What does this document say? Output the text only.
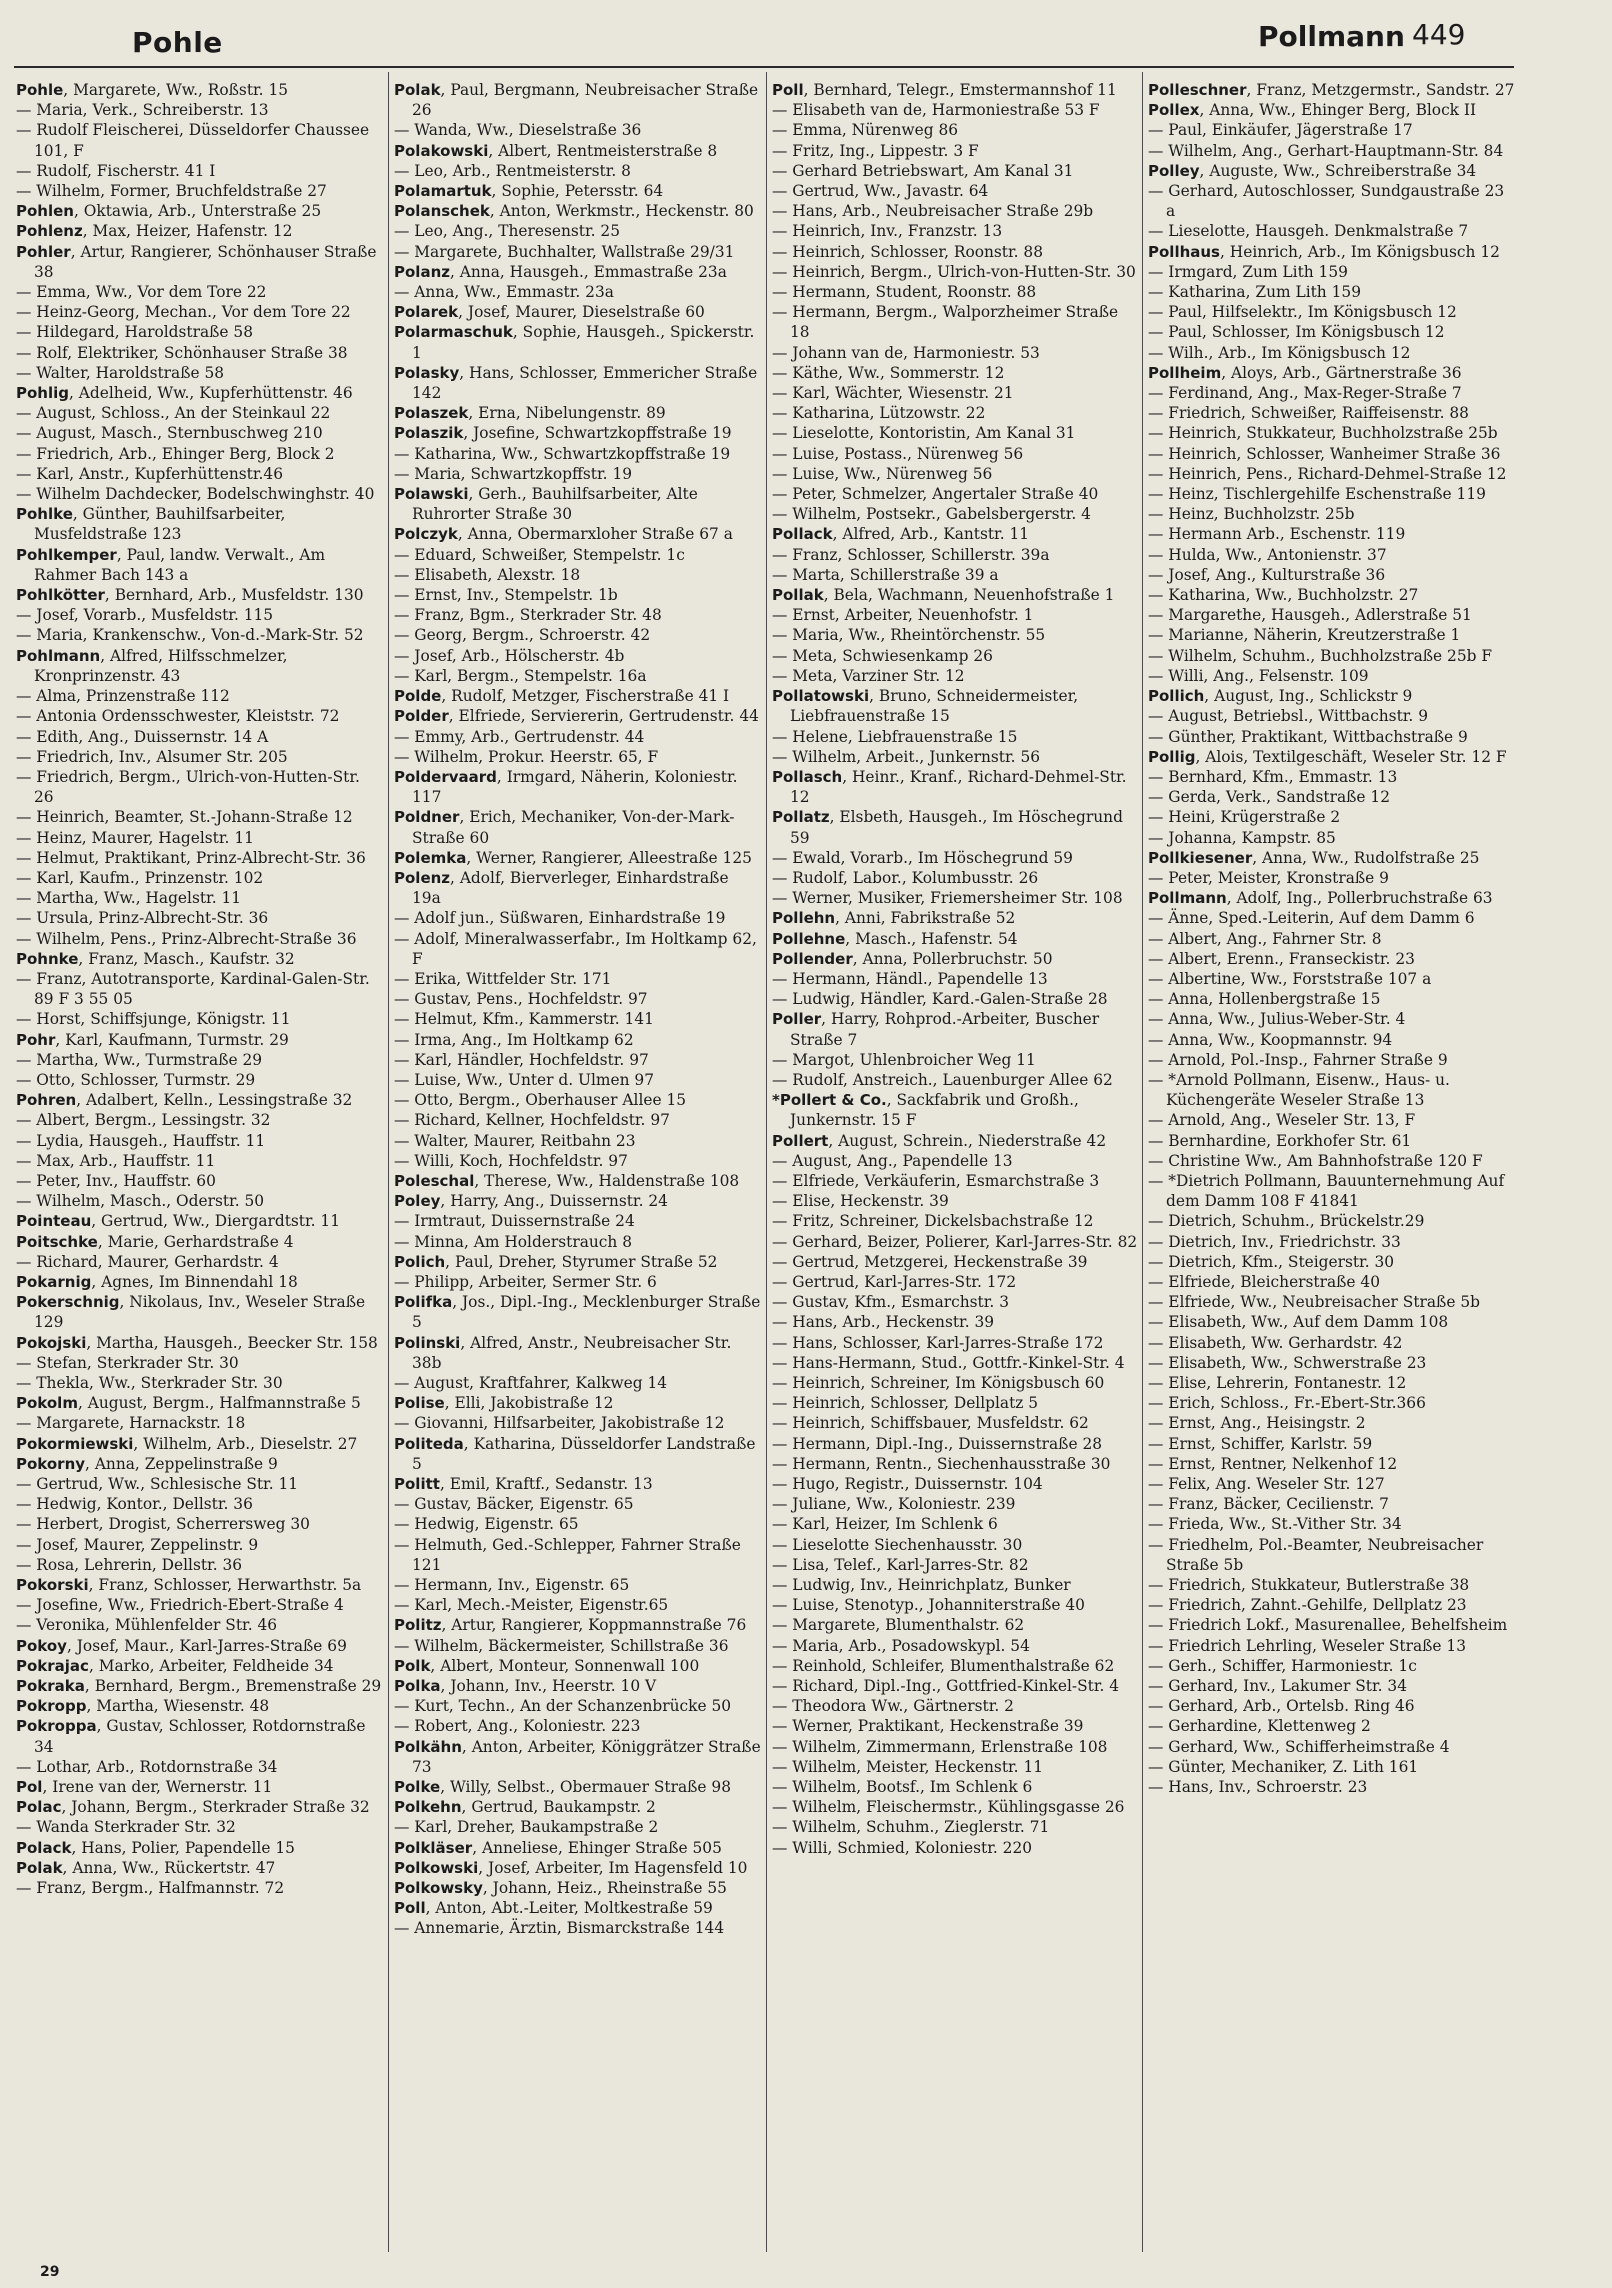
Pohle	Pollmann 449
Pohle, Margarete, Ww., Roßstr. 15
— Maria, Verk., Schreiberstr. 13
— Rudolf Fleischerei, Düsseldorfer Chaussee 101, F
— Rudolf, Fischerstr. 41 I
— Wilhelm, Former, Bruchfeldstraße 27
Pohlen, Oktawia, Arb., Unterstraße 25
Pohlenz, Max, Heizer, Hafenstr. 12
Pohler, Artur, Rangierer, Schönhauser Straße 38
— Emma, Ww., Vor dem Tore 22
— Heinz-Georg, Mechan., Vor dem Tore 22
— Hildegard, Haroldstraße 58
— Rolf, Elektriker, Schönhauser Straße 38
— Walter, Haroldstraße 58
Pohlig, Adelheid, Ww., Kupferhüttenstr. 46
— August, Schloss., An der Steinkaul 22
— August, Masch., Sternbuschweg 210
— Friedrich, Arb., Ehinger Berg, Block 2
— Karl, Anstr., Kupferhüttenstr.46
— Wilhelm Dachdecker, Bodelschwinghstr. 40
Pohlke, Günther, Bauhilfsarbeiter, Musfeldstraße 123
Pohlkemper, Paul, landw. Verwalt., Am Rahmer Bach 143 a
Pohlkötter, Bernhard, Arb., Musfeldstr. 130
— Josef, Vorarb., Musfeldstr. 115
— Maria, Krankenschw., Von-d.-Mark-Str. 52
Pohlmann, Alfred, Hilfsschmelzer, Kronprinzenstr. 43
— Alma, Prinzenstraße 112
— Antonia Ordensschwester, Kleiststr. 72
— Edith, Ang., Duissernstr. 14 A
— Friedrich, Inv., Alsumer Str. 205
— Friedrich, Bergm., Ulrich-von-Hutten-Str. 26
— Heinrich, Beamter, St.-Johann-Straße 12
— Heinz, Maurer, Hagelstr. 11
— Helmut, Praktikant, Prinz-Albrecht-Str. 36
— Karl, Kaufm., Prinzenstr. 102
— Martha, Ww., Hagelstr. 11
— Ursula, Prinz-Albrecht-Str. 36
— Wilhelm, Pens., Prinz-Albrecht-Straße 36
Pohnke, Franz, Masch., Kaufstr. 32
— Franz, Autotransporte, Kardinal-Galen-Str. 89 F 3 55 05
— Horst, Schiffsjunge, Königstr. 11
Pohr, Karl, Kaufmann, Turmstr. 29
— Martha, Ww., Turmstraße 29
— Otto, Schlosser, Turmstr. 29
Pohren, Adalbert, Kelln., Lessingstraße 32
— Albert, Bergm., Lessingstr. 32
— Lydia, Hausgeh., Hauffstr. 11
— Max, Arb., Hauffstr. 11
— Peter, Inv., Hauffstr. 60
— Wilhelm, Masch., Oderstr. 50
Pointeau, Gertrud, Ww., Diergardtstr. 11
Poitschke, Marie, Gerhardstraße 4
— Richard, Maurer, Gerhardstr. 4
Pokarnig, Agnes, Im Binnendahl 18
Pokerschnig, Nikolaus, Inv., Weseler Straße 129
Pokojski, Martha, Hausgeh., Beecker Str. 158
— Stefan, Sterkrader Str. 30
— Thekla, Ww., Sterkrader Str. 30
Pokolm, August, Bergm., Halfmannstraße 5
— Margarete, Harnackstr. 18
Pokormiewski, Wilhelm, Arb., Dieselstr. 27
Pokorny, Anna, Zeppelinstraße 9
— Gertrud, Ww., Schlesische Str. 11
— Hedwig, Kontor., Dellstr. 36
— Herbert, Drogist, Scherrersweg 30
— Josef, Maurer, Zeppelinstr. 9
— Rosa, Lehrerin, Dellstr. 36
Pokorski, Franz, Schlosser, Herwarthstr. 5a
— Josefine, Ww., Friedrich-Ebert-Straße 4
— Veronika, Mühlenfelder Str. 46
Pokoy, Josef, Maur., Karl-Jarres-Straße 69
Pokrajac, Marko, Arbeiter, Feldheide 34
Pokraka, Bernhard, Bergm., Bremenstraße 29
Pokropp, Martha, Wiesenstr. 48
Pokroppa, Gustav, Schlosser, Rotdornstraße 34
— Lothar, Arb., Rotdornstraße 34
Pol, Irene van der, Wernerstr. 11
Polac, Johann, Bergm., Sterkrader Straße 32
— Wanda Sterkrader Str. 32
Polack, Hans, Polier, Papendelle 15
Polak, Anna, Ww., Rückertstr. 47
— Franz, Bergm., Halfmannstr. 72
Polak, Paul, Bergmann, Neubreisacher Straße 26
— Wanda, Ww., Dieselstraße 36
Polakowski, Albert, Rentmeisterstraße 8
— Leo, Arb., Rentmeisterstr. 8
Polamartuk, Sophie, Petersstr. 64
Polanschek, Anton, Werkmstr., Heckenstr. 80
— Leo, Ang., Theresenstr. 25
— Margarete, Buchhalter, Wallstraße 29/31
Polanz, Anna, Hausgeh., Emmastraße 23a
— Anna, Ww., Emmastr. 23a
Polarek, Josef, Maurer, Dieselstraße 60
Polarmaschuk, Sophie, Hausgeh., Spickerstr. 1
Polasky, Hans, Schlosser, Emmericher Straße 142
Polaszek, Erna, Nibelungenstr. 89
Polaszik, Josefine, Schwartzkopffstraße 19
— Katharina, Ww., Schwartzkopffstraße 19
— Maria, Schwartzkopffstr. 19
Polawski, Gerh., Bauhilfsarbeiter, Alte Ruhrorter Straße 30
Polczyk, Anna, Obermarxloher Straße 67 a
— Eduard, Schweißer, Stempelstr. 1c
— Elisabeth, Alexstr. 18
— Ernst, Inv., Stempelstr. 1b
— Franz, Bgm., Sterkrader Str. 48
— Georg, Bergm., Schroerstr. 42
— Josef, Arb., Hölscherstr. 4b
— Karl, Bergm., Stempelstr. 16a
Polde, Rudolf, Metzger, Fischerstraße 41 I
Polder, Elfriede, Serviererin, Gertrudenstr. 44
— Emmy, Arb., Gertrudenstr. 44
— Wilhelm, Prokur. Heerstr. 65, F
Poldervaard, Irmgard, Näherin, Koloniestr. 117
Poldner, Erich, Mechaniker, Von-der-Mark-Straße 60
Polemka, Werner, Rangierer, Alleestraße 125
Polenz, Adolf, Bierverleger, Einhardstraße 19a
— Adolf jun., Süßwaren, Einhardstraße 19
— Adolf, Mineralwasserfabr., Im Holtkamp 62, F
— Erika, Wittfelder Str. 171
— Gustav, Pens., Hochfeldstr. 97
— Helmut, Kfm., Kammerstr. 141
— Irma, Ang., Im Holtkamp 62
— Karl, Händler, Hochfeldstr. 97
— Luise, Ww., Unter d. Ulmen 97
— Otto, Bergm., Oberhauser Allee 15
— Richard, Kellner, Hochfeldstr. 97
— Walter, Maurer, Reitbahn 23
— Willi, Koch, Hochfeldstr. 97
Poleschal, Therese, Ww., Haldenstraße 108
Poley, Harry, Ang., Duissernstr. 24
— Irmtraut, Duissernstraße 24
— Minna, Am Holderstrauch 8
Polich, Paul, Dreher, Styrumer Straße 52
— Philipp, Arbeiter, Sermer Str. 6
Polifka, Jos., Dipl.-Ing., Mecklenburger Straße 5
Polinski, Alfred, Anstr., Neubreisacher Str. 38b
— August, Kraftfahrer, Kalkweg 14
Polise, Elli, Jakobistraße 12
— Giovanni, Hilfsarbeiter, Jakobistraße 12
Politeda, Katharina, Düsseldorfer Landstraße 5
Politt, Emil, Kraftf., Sedanstr. 13
— Gustav, Bäcker, Eigenstr. 65
— Hedwig, Eigenstr. 65
— Helmuth, Ged.-Schlepper, Fahrner Straße 121
— Hermann, Inv., Eigenstr. 65
— Karl, Mech.-Meister, Eigenstr.65
Politz, Artur, Rangierer, Koppmannstraße 76
— Wilhelm, Bäckermeister, Schillstraße 36
Polk, Albert, Monteur, Sonnenwall 100
Polka, Johann, Inv., Heerstr. 10 V
— Kurt, Techn., An der Schanzenbrücke 50
— Robert, Ang., Koloniestr. 223
Polkähn, Anton, Arbeiter, Königgrätzer Straße 73
Polke, Willy, Selbst., Obermauer Straße 98
Polkehn, Gertrud, Baukampstr. 2
— Karl, Dreher, Baukampstraße 2
Polkläser, Anneliese, Ehinger Straße 505
Polkowski, Josef, Arbeiter, Im Hagensfeld 10
Polkowsky, Johann, Heiz., Rheinstraße 55
Poll, Anton, Abt.-Leiter, Moltkestraße 59
— Annemarie, Ärztin, Bismarckstraße 144
Poll, Bernhard, Telegr., Emstermannshof 11
— Elisabeth van de, Harmoniestraße 53 F
— Emma, Nürenweg 86
— Fritz, Ing., Lippestr. 3 F
— Gerhard Betriebswart, Am Kanal 31
— Gertrud, Ww., Javastr. 64
— Hans, Arb., Neubreisacher Straße 29b
— Heinrich, Inv., Franzstr. 13
— Heinrich, Schlosser, Roonstr. 88
— Heinrich, Bergm., Ulrich-von-Hutten-Str. 30
— Hermann, Student, Roonstr. 88
— Hermann, Bergm., Walporzheimer Straße 18
— Johann van de, Harmoniestr. 53
— Käthe, Ww., Sommerstr. 12
— Karl, Wächter, Wiesenstr. 21
— Katharina, Lützowstr. 22
— Lieselotte, Kontoristin, Am Kanal 31
— Luise, Postass., Nürenweg 56
— Luise, Ww., Nürenweg 56
— Peter, Schmelzer, Angertaler Straße 40
— Wilhelm, Postsekr., Gabelsbergerstr. 4
Pollack, Alfred, Arb., Kantstr. 11
— Franz, Schlosser, Schillerstr. 39a
— Marta, Schillerstraße 39 a
Pollak, Bela, Wachmann, Neuenhofstraße 1
— Ernst, Arbeiter, Neuenhofstr. 1
— Maria, Ww., Rheintörchenstr. 55
— Meta, Schwiesenkamp 26
— Meta, Varziner Str. 12
Pollatowski, Bruno, Schneidermeister, Liebfrauenstraße 15
— Helene, Liebfrauenstraße 15
— Wilhelm, Arbeit., Junkernstr. 56
Pollasch, Heinr., Kranf., Richard-Dehmel-Str. 12
Pollatz, Elsbeth, Hausgeh., Im Höschegrund 59
— Ewald, Vorarb., Im Höschegrund 59
— Rudolf, Labor., Kolumbusstr. 26
— Werner, Musiker, Friemersheimer Str. 108
Pollehn, Anni, Fabrikstraße 52
Pollehne, Masch., Hafenstr. 54
Pollender, Anna, Pollerbruchstr. 50
— Hermann, Händl., Papendelle 13
— Ludwig, Händler, Kard.-Galen-Straße 28
Poller, Harry, Rohprod.-Arbeiter, Buscher Straße 7
— Margot, Uhlenbroicher Weg 11
— Rudolf, Anstreich., Lauenburger Allee 62
*Pollert & Co., Sackfabrik und Großh., Junkernstr. 15 F
Pollert, August, Schrein., Niederstraße 42
— August, Ang., Papendelle 13
— Elfriede, Verkäuferin, Esmarchstraße 3
— Elise, Heckenstr. 39
— Fritz, Schreiner, Dickelsbachstraße 12
— Gerhard, Beizer, Polierer, Karl-Jarres-Str. 82
— Gertrud, Metzgerei, Heckenstraße 39
— Gertrud, Karl-Jarres-Str. 172
— Gustav, Kfm., Esmarchstr. 3
— Hans, Arb., Heckenstr. 39
— Hans, Schlosser, Karl-Jarres-Straße 172
— Hans-Hermann, Stud., Gottfr.-Kinkel-Str. 4
— Heinrich, Schreiner, Im Königsbusch 60
— Heinrich, Schlosser, Dellplatz 5
— Heinrich, Schiffsbauer, Musfeldstr. 62
— Hermann, Dipl.-Ing., Duissernstraße 28
— Hermann, Rentn., Siechenhausstraße 30
— Hugo, Registr., Duissernstr. 104
— Juliane, Ww., Koloniestr. 239
— Karl, Heizer, Im Schlenk 6
— Lieselotte Siechenhausstr. 30
— Lisa, Telef., Karl-Jarres-Str. 82
— Ludwig, Inv., Heinrichplatz, Bunker
— Luise, Stenotyp., Johanniterstraße 40
— Margarete, Blumenthalstr. 62
— Maria, Arb., Posadowskypl. 54
— Reinhold, Schleifer, Blumenthalstraße 62
— Richard, Dipl.-Ing., Gottfried-Kinkel-Str. 4
— Theodora Ww., Gärtnerstr. 2
— Werner, Praktikant, Heckenstraße 39
— Wilhelm, Zimmermann, Erlenstraße 108
— Wilhelm, Meister, Heckenstr. 11
— Wilhelm, Bootsf., Im Schlenk 6
— Wilhelm, Fleischermstr., Kühlingsgasse 26
— Wilhelm, Schuhm., Zieglerstr. 71
— Willi, Schmied, Koloniestr. 220
Polleschner, Franz, Metzgermstr., Sandstr. 27
Pollex, Anna, Ww., Ehinger Berg, Block II
— Paul, Einkäufer, Jägerstraße 17
— Wilhelm, Ang., Gerhart-Hauptmann-Str. 84
Polley, Auguste, Ww., Schreiberstraße 34
— Gerhard, Autoschlosser, Sundgaustraße 23 a
— Lieselotte, Hausgeh. Denkmalstraße 7
Pollhaus, Heinrich, Arb., Im Königsbusch 12
— Irmgard, Zum Lith 159
— Katharina, Zum Lith 159
— Paul, Hilfselektr., Im Königsbusch 12
— Paul, Schlosser, Im Königsbusch 12
— Wilh., Arb., Im Königsbusch 12
Pollheim, Aloys, Arb., Gärtnerstraße 36
— Ferdinand, Ang., Max-Reger-Straße 7
— Friedrich, Schweißer, Raiffeisenstr. 88
— Heinrich, Stukkateur, Buchholzstraße 25b
— Heinrich, Schlosser, Wanheimer Straße 36
— Heinrich, Pens., Richard-Dehmel-Straße 12
— Heinz, Tischlergehilfe Eschenstraße 119
— Heinz, Buchholzstr. 25b
— Hermann Arb., Eschenstr. 119
— Hulda, Ww., Antonienstr. 37
— Josef, Ang., Kulturstraße 36
— Katharina, Ww., Buchholzstr. 27
— Margarethe, Hausgeh., Adlerstraße 51
— Marianne, Näherin, Kreutzerstraße 1
— Wilhelm, Schuhm., Buchholzstraße 25b F
— Willi, Ang., Felsenstr. 109
Pollich, August, Ing., Schlickstr 9
— August, Betriebsl., Wittbachstr. 9
— Günther, Praktikant, Wittbachstraße 9
Pollig, Alois, Textilgeschäft, Weseler Str. 12 F
— Bernhard, Kfm., Emmastr. 13
— Gerda, Verk., Sandstraße 12
— Heini, Krügerstraße 2
— Johanna, Kampstr. 85
Pollkiesener, Anna, Ww., Rudolfstraße 25
— Peter, Meister, Kronstraße 9
Pollmann, Adolf, Ing., Pollerbruchstraße 63
— Änne, Sped.-Leiterin, Auf dem Damm 6
— Albert, Ang., Fahrner Str. 8
— Albert, Erenn., Franseckistr. 23
— Albertine, Ww., Forststraße 107 a
— Anna, Hollenbergstraße 15
— Anna, Ww., Julius-Weber-Str. 4
— Anna, Ww., Koopmannstr. 94
— Arnold, Pol.-Insp., Fahrner Straße 9
— *Arnold Pollmann, Eisenw., Haus- u. Küchengeräte Weseler Straße 13
— Arnold, Ang., Weseler Str. 13, F
— Bernhardine, Eorkhofer Str. 61
— Christine Ww., Am Bahnhofstraße 120 F
— *Dietrich Pollmann, Bauunternehmung Auf dem Damm 108 F 41841
— Dietrich, Schuhm., Brückelstr.29
— Dietrich, Inv., Friedrichstr. 33
— Dietrich, Kfm., Steigerstr. 30
— Elfriede, Bleicherstraße 40
— Elfriede, Ww., Neubreisacher Straße 5b
— Elisabeth, Ww., Auf dem Damm 108
— Elisabeth, Ww. Gerhardstr. 42
— Elisabeth, Ww., Schwerstraße 23
— Elise, Lehrerin, Fontanestr. 12
— Erich, Schloss., Fr.-Ebert-Str.366
— Ernst, Ang., Heisingstr. 2
— Ernst, Schiffer, Karlstr. 59
— Ernst, Rentner, Nelkenhof 12
— Felix, Ang. Weseler Str. 127
— Franz, Bäcker, Cecilienstr. 7
— Frieda, Ww., St.-Vither Str. 34
— Friedhelm, Pol.-Beamter, Neubreisacher Straße 5b
— Friedrich, Stukkateur, Butlerstraße 38
— Friedrich, Zahnt.-Gehilfe, Dellplatz 23
— Friedrich Lokf., Masurenallee, Behelfsheim
— Friedrich Lehrling, Weseler Straße 13
— Gerh., Schiffer, Harmoniestr. 1c
— Gerhard, Inv., Lakumer Str. 34
— Gerhard, Arb., Ortelsb. Ring 46
— Gerhardine, Klettenweg 2
— Gerhard, Ww., Schifferheimstraße 4
— Günter, Mechaniker, Z. Lith 161
— Hans, Inv., Schroerstr. 23
29
